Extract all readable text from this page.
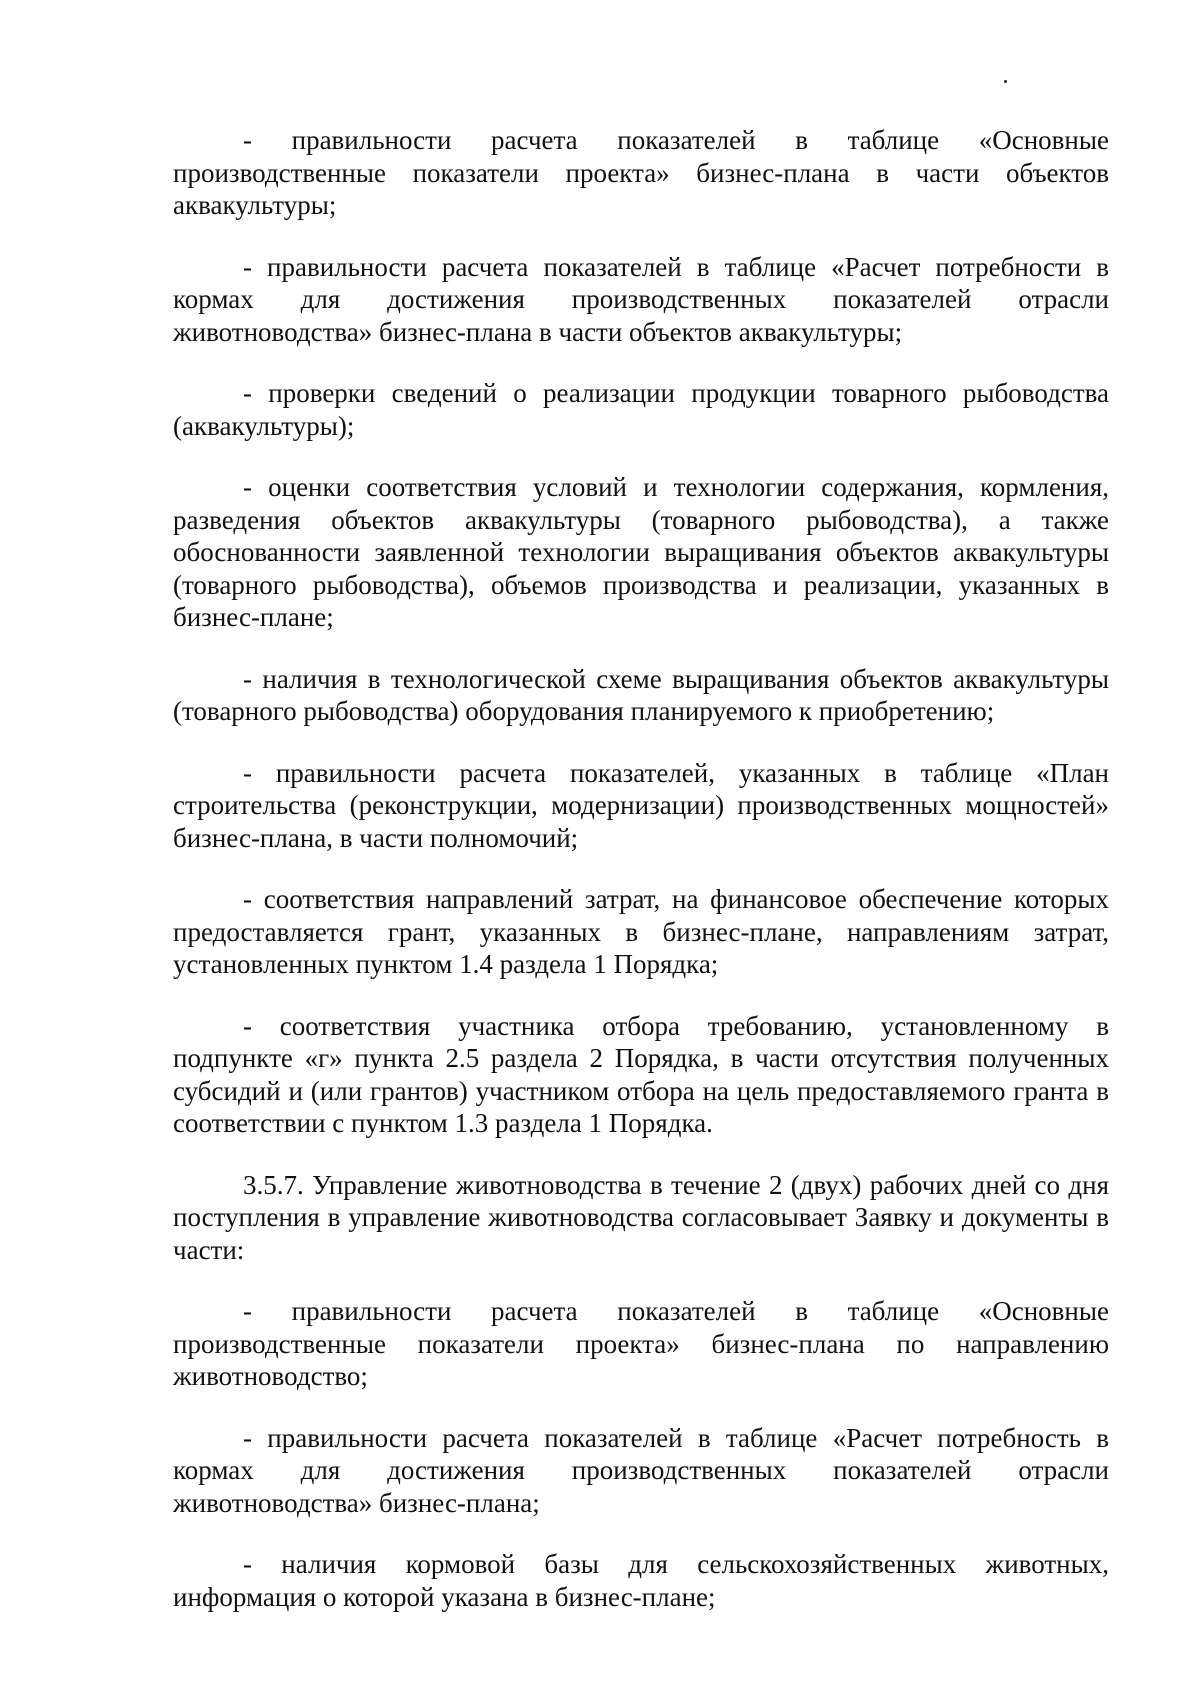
- правильности расчета показателей в таблице «Основные производственные показатели проекта» бизнес-плана в части объектов аквакультуры;

- правильности расчета показателей в таблице «Расчет потребности в кормах для достижения производственных показателей отрасли животноводства» бизнес-плана в части объектов аквакультуры;

- проверки сведений о реализации продукции товарного рыбоводства (аквакультуры);

- оценки соответствия условий и технологии содержания, кормления, разведения объектов аквакультуры (товарного рыбоводства), а также обоснованности заявленной технологии выращивания объектов аквакультуры (товарного рыбоводства), объемов производства и реализации, указанных в бизнес-плане;

- наличия в технологической схеме выращивания объектов аквакультуры (товарного рыбоводства) оборудования планируемого к приобретению;

- правильности расчета показателей, указанных в таблице «План строительства (реконструкции, модернизации) производственных мощностей» бизнес-плана, в части полномочий;

- соответствия направлений затрат, на финансовое обеспечение которых предоставляется грант, указанных в бизнес-плане, направлениям затрат, установленных пунктом 1.4 раздела 1 Порядка;

- соответствия участника отбора требованию, установленному в подпункте «г» пункта 2.5 раздела 2 Порядка, в части отсутствия полученных субсидий и (или грантов) участником отбора на цель предоставляемого гранта в соответствии с пунктом 1.3 раздела 1 Порядка.

3.5.7. Управление животноводства в течение 2 (двух) рабочих дней со дня поступления в управление животноводства согласовывает Заявку и документы в части:

- правильности расчета показателей в таблице «Основные производственные показатели проекта» бизнес-плана по направлению животноводство;

- правильности расчета показателей в таблице «Расчет потребность в кормах для достижения производственных показателей отрасли животноводства» бизнес-плана;

- наличия кормовой базы для сельскохозяйственных животных, информация о которой указана в бизнес-плане;
